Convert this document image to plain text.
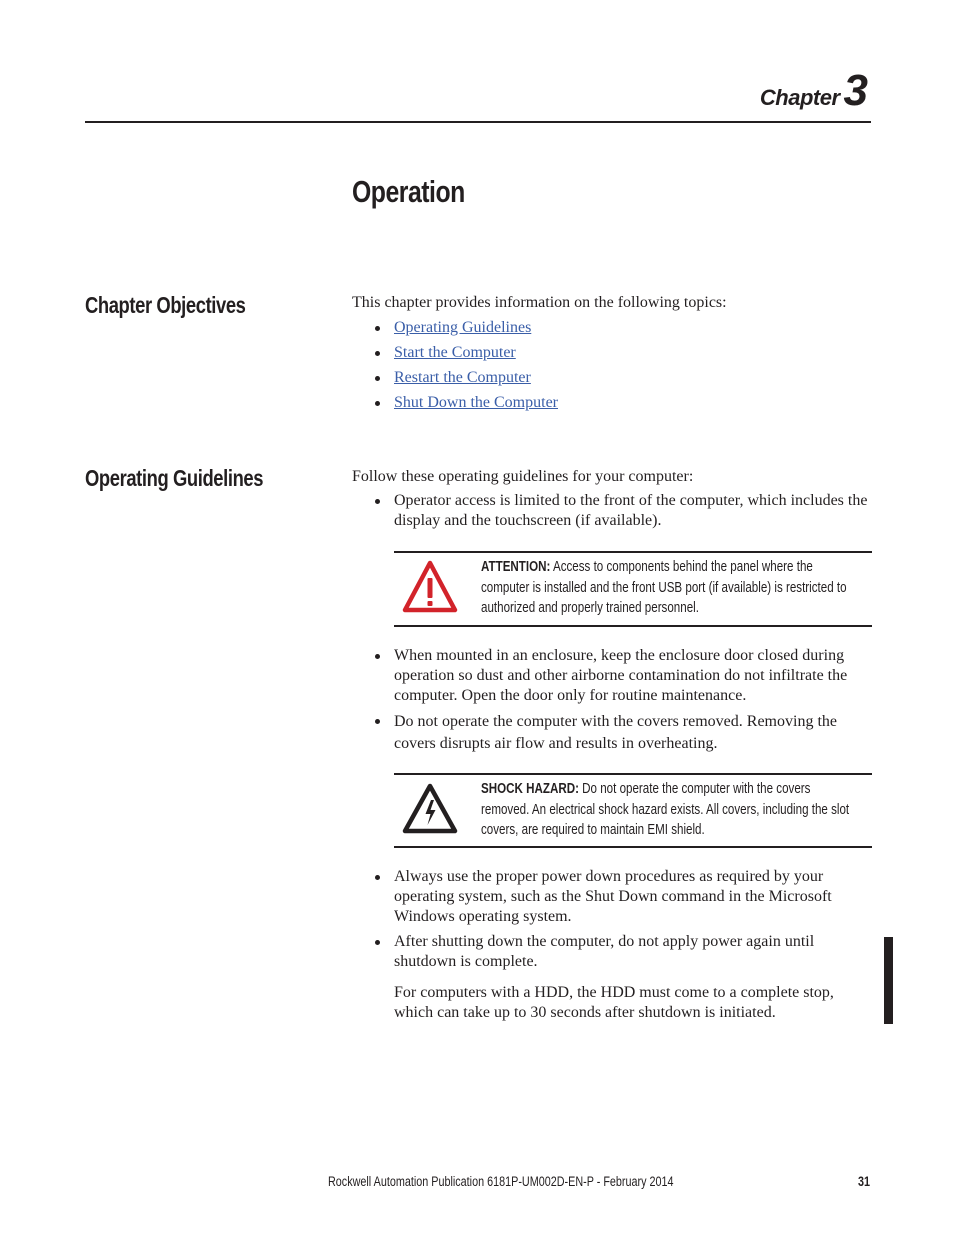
Chapter3
Operation
Chapter Objectives	This chapter provides information on the following topics:
Operating Guidelines
Start the Computer
Restart the Computer
Shut Down the Computer
Operating Guidelines	Follow these operating guidelines for your computer:
Operator access is limited to the front of the computer, which includes the
display and the touchscreen (if available).
ATTENTION: Access to components behind the panel where the
computer is installed and the front USB port (if available) is restricted to
authorized and properly trained personnel.
When mounted in an enclosure, keep the enclosure door closed during
operation so dust and other airborne contamination do not infiltrate the
computer. Open the door only for routine maintenance.
Do not operate the computer with the covers removed. Removing the
covers disrupts air flow and results in overheating.
SHOCK HAZARD: Do not operate the computer with the covers
removed. An electrical shock hazard exists. All covers, including the slot
covers, are required to maintain EMI shield.
Always use the proper power down procedures as required by your
operating system, such as the Shut Down command in the Microsoft
Windows operating system.
After shutting down the computer, do not apply power again until
shutdown is complete.
For computers with a HDD, the HDD must come to a complete stop,
which can take up to 30 seconds after shutdown is initiated.
Rockwell Automation Publication 6181P-UM002D-EN-P - February 2014	31
